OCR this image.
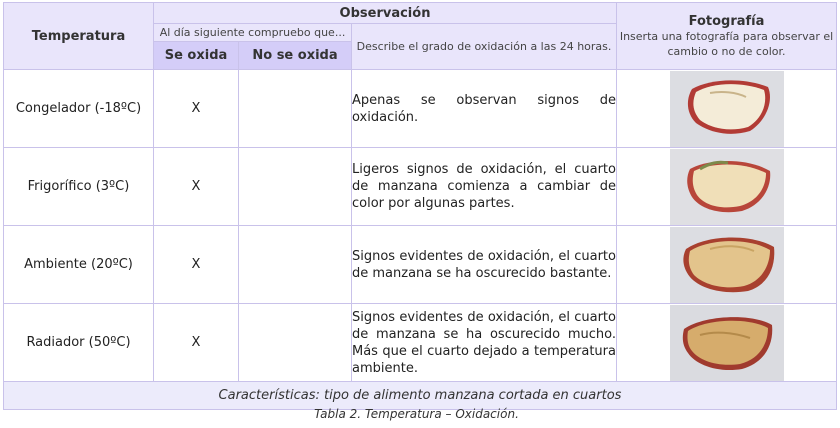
Temperatura	Observación			Fotografía
Inserta una fotografía para observar el cambio o no de color.

	Al día siguiente compruebo que...		Describe el grado de oxidación a las 24 horas.	
	Se oxida	No se oxida		
Congelador (-18ºC)	X		Apenas se observan signos de oxidación.	

Frigorífico (3ºC)	X		Ligeros signos de oxidación, el cuarto de manzana comienza a cambiar de color por algunas partes.	

Ambiente (20ºC)	X		Signos evidentes de oxidación, el cuarto de manzana se ha oscurecido bastante.	

Radiador (50ºC)	X		Signos evidentes de oxidación, el cuarto de manzana se ha oscurecido mucho. Más que el cuarto dejado a temperatura ambiente.	

Características: tipo de alimento manzana cortada en cuartos				
Tabla 2. Temperatura – Oxidación.
